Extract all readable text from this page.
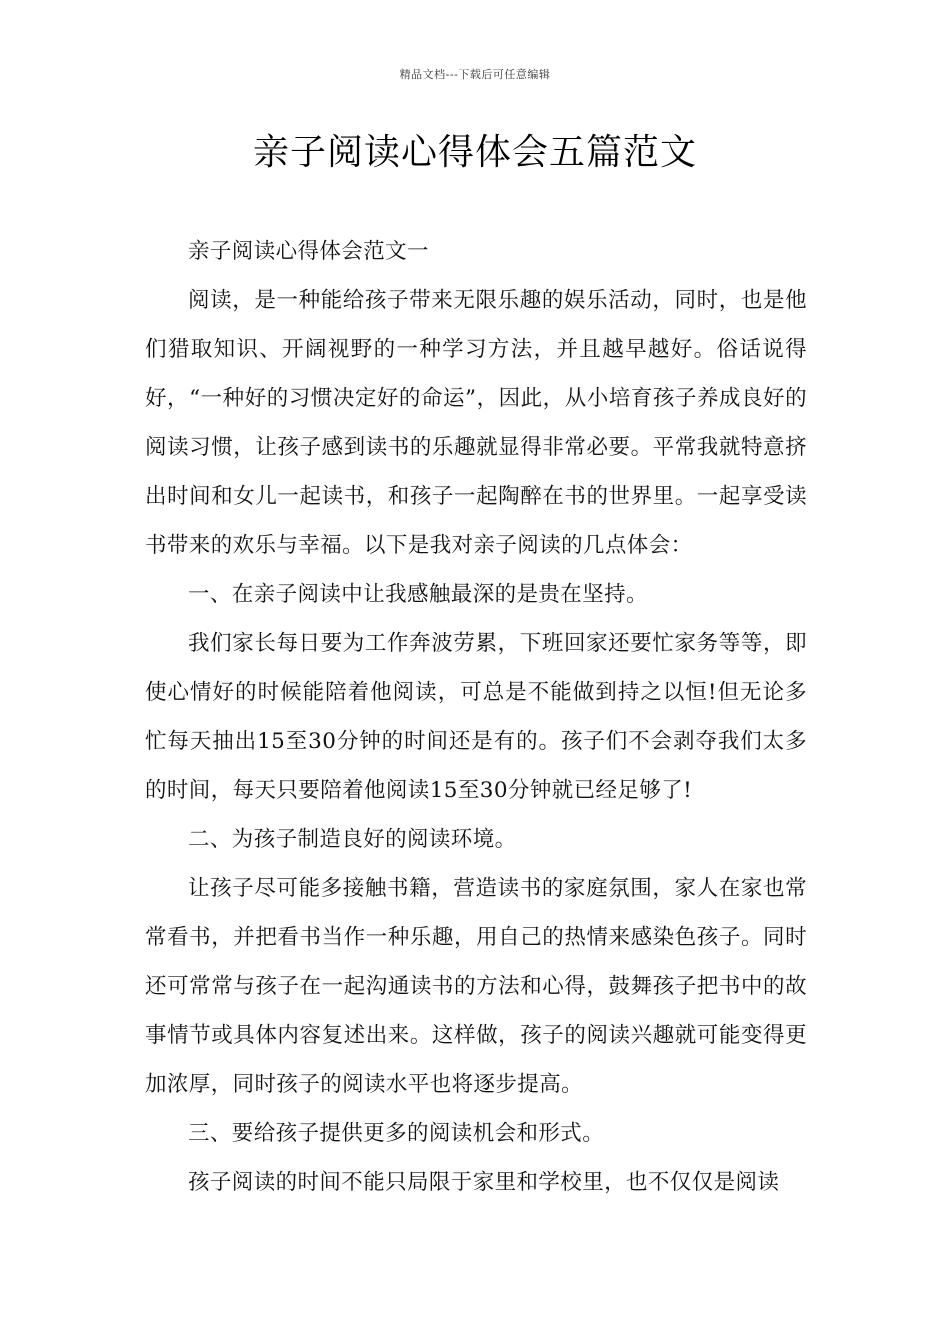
精品文档---下载后可任意编辑
亲子阅读心得体会五篇范文

亲子阅读心得体会范文一

阅读，是一种能给孩子带来无限乐趣的娱乐活动，同时，也是他们猎取知识、开阔视野的一种学习方法，并且越早越好。俗话说得好，“一种好的习惯决定好的命运”，因此，从小培育孩子养成良好的阅读习惯，让孩子感到读书的乐趣就显得非常必要。平常我就特意挤出时间和女儿一起读书，和孩子一起陶醉在书的世界里。一起享受读书带来的欢乐与幸福。以下是我对亲子阅读的几点体会：

一、在亲子阅读中让我感触最深的是贵在坚持。

我们家长每日要为工作奔波劳累，下班回家还要忙家务等等，即使心情好的时候能陪着他阅读，可总是不能做到持之以恒!但无论多忙每天抽出15至30分钟的时间还是有的。孩子们不会剥夺我们太多的时间，每天只要陪着他阅读15至30分钟就已经足够了!

二、为孩子制造良好的阅读环境。

让孩子尽可能多接触书籍，营造读书的家庭氛围，家人在家也常常看书，并把看书当作一种乐趣，用自己的热情来感染色孩子。同时还可常常与孩子在一起沟通读书的方法和心得，鼓舞孩子把书中的故事情节或具体内容复述出来。这样做，孩子的阅读兴趣就可能变得更加浓厚，同时孩子的阅读水平也将逐步提高。

三、要给孩子提供更多的阅读机会和形式。

孩子阅读的时间不能只局限于家里和学校里，也不仅仅是阅读
